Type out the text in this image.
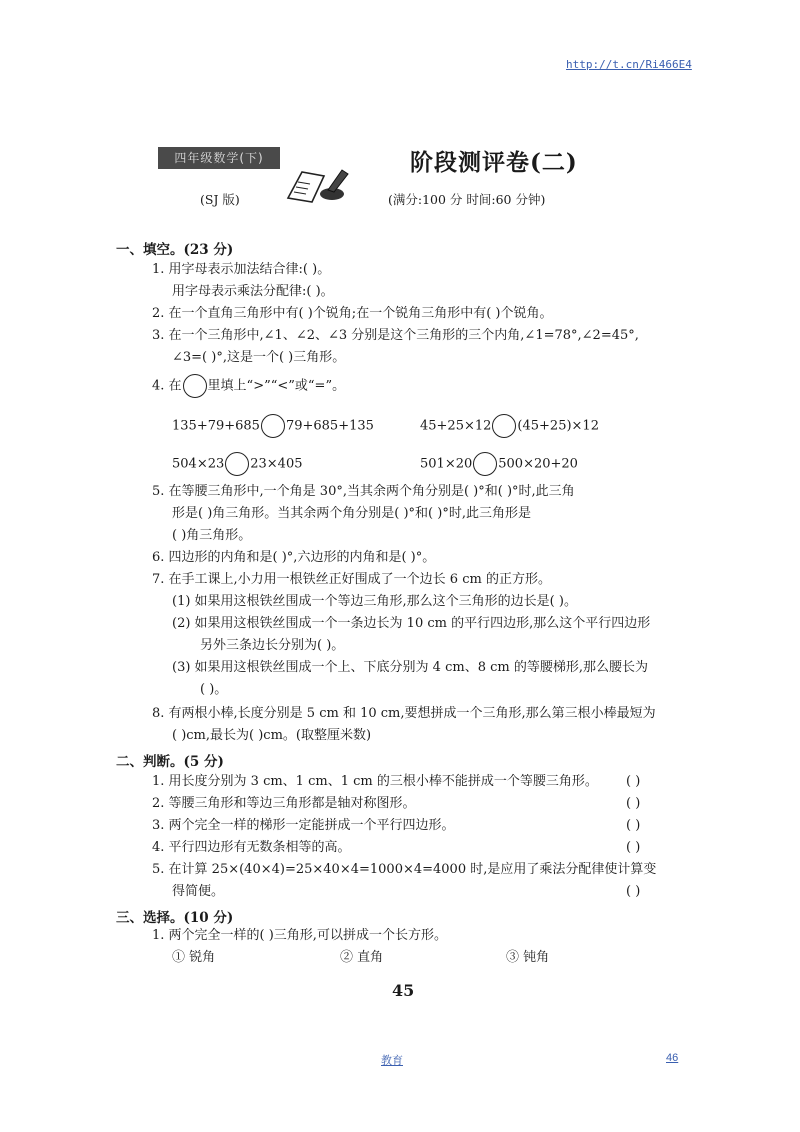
http://t.cn/Ri466E4
四年级数学(下)
(SJ 版)
阶段测评卷(二)
(满分:100 分 时间:60 分钟)
一、填空。(23 分)
1. 用字母表示加法结合律:( )。
用字母表示乘法分配律:( )。
2. 在一个直角三角形中有( )个锐角;在一个锐角三角形中有( )个锐角。
3. 在一个三角形中,∠1、∠2、∠3 分别是这个三角形的三个内角,∠1=78°,∠2=45°,
∠3=( )°,这是一个( )三角形。
4. 在 里填上“>”“<”或“=”。
135+79+685 79+685+135	45+25×12 (45+25)×12
504×23 23×405	501×20 500×20+20
5. 在等腰三角形中,一个角是 30°,当其余两个角分别是( )°和( )°时,此三角
形是( )角三角形。当其余两个角分别是( )°和( )°时,此三角形是
( )角三角形。
6. 四边形的内角和是( )°,六边形的内角和是( )°。
7. 在手工课上,小力用一根铁丝正好围成了一个边长 6 cm 的正方形。
(1) 如果用这根铁丝围成一个等边三角形,那么这个三角形的边长是( )。
(2) 如果用这根铁丝围成一个一条边长为 10 cm 的平行四边形,那么这个平行四边形
另外三条边长分别为( )。
(3) 如果用这根铁丝围成一个上、下底分别为 4 cm、8 cm 的等腰梯形,那么腰长为
( )。
8. 有两根小棒,长度分别是 5 cm 和 10 cm,要想拼成一个三角形,那么第三根小棒最短为
( )cm,最长为( )cm。(取整厘米数)
二、判断。(5 分)
1. 用长度分别为 3 cm、1 cm、1 cm 的三根小棒不能拼成一个等腰三角形。 ( )
2. 等腰三角形和等边三角形都是轴对称图形。	( )
3. 两个完全一样的梯形一定能拼成一个平行四边形。	( )
4. 平行四边形有无数条相等的高。	( )
5. 在计算 25×(40×4)=25×40×4=1000×4=4000 时,是应用了乘法分配律使计算变
得简便。	( )
三、选择。(10 分)
1. 两个完全一样的( )三角形,可以拼成一个长方形。
① 锐角	② 直角	③ 钝角
45
教育	46
